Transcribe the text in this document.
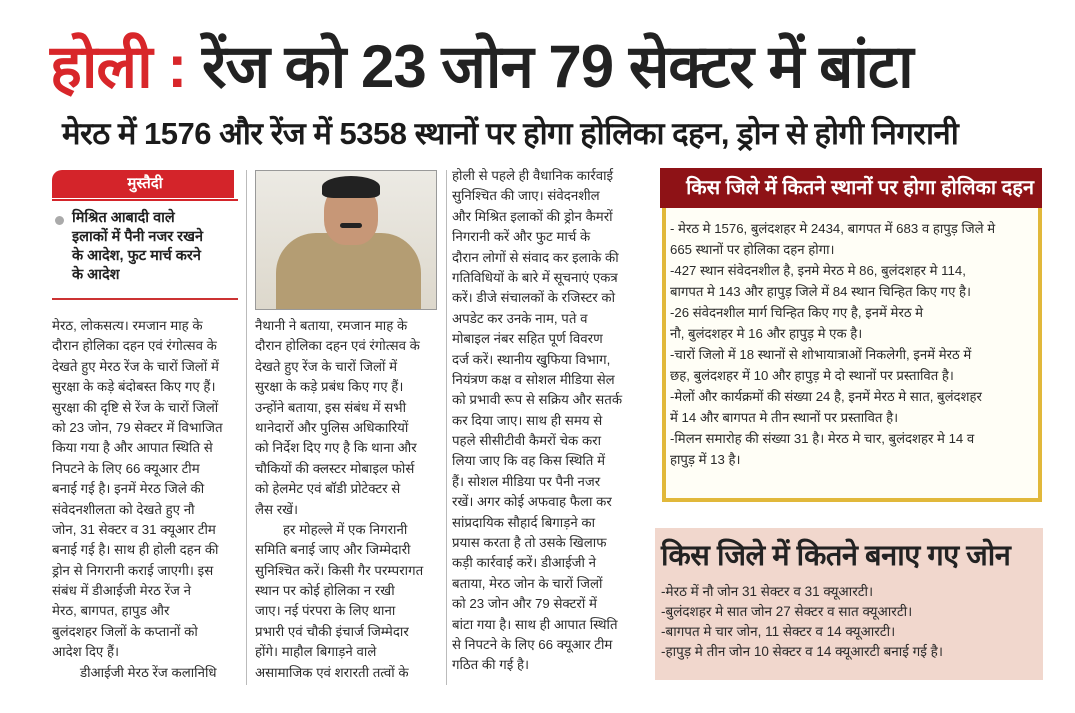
होली : रेंज को 23 जोन 79 सेक्टर में बांटा
मेरठ में 1576 और रेंज में 5358 स्थानों पर होगा होलिका दहन, ड्रोन से होगी निगरानी
मुस्तैदी
मिश्रित आबादी वाले
इलाकों में पैनी नजर रखने
के आदेश, फुट मार्च करने
के आदेश
मेरठ, लोकसत्य। रमजान माह के
दौरान होलिका दहन एवं रंगोत्सव के
देखते हुए मेरठ रेंज के चारों जिलों में
सुरक्षा के कड़े बंदोबस्त किए गए हैं।
सुरक्षा की दृष्टि से रेंज के चारों जिलों
को 23 जोन, 79 सेक्टर में विभाजित
किया गया है और आपात स्थिति से
निपटने के लिए 66 क्यूआर टीम
बनाई गई है। इनमें मेरठ जिले की
संवेदनशीलता को देखते हुए नौ
जोन, 31 सेक्टर व 31 क्यूआर टीम
बनाई गई है। साथ ही होली दहन की
ड्रोन से निगरानी कराई जाएगी। इस
संबंध में डीआईजी मेरठ रेंज ने
मेरठ, बागपत, हापुड और
बुलंदशहर जिलों के कप्तानों को
आदेश दिए हैं।
डीआईजी मेरठ रेंज कलानिधि
नैथानी ने बताया, रमजान माह के
दौरान होलिका दहन एवं रंगोत्सव के
देखते हुए रेंज के चारों जिलों में
सुरक्षा के कड़े प्रबंध किए गए हैं।
उन्होंने बताया, इस संबंध में सभी
थानेदारों और पुलिस अधिकारियों
को निर्देश दिए गए है कि थाना और
चौकियों की क्लस्टर मोबाइल फोर्स
को हेलमेट एवं बॉडी प्रोटेक्टर से
लैस रखें।
हर मोहल्ले में एक निगरानी
समिति बनाई जाए और जिम्मेदारी
सुनिश्चित करें। किसी गैर परम्परागत
स्थान पर कोई होलिका न रखी
जाए। नई पंरपरा के लिए थाना
प्रभारी एवं चौकी इंचार्ज जिम्मेदार
होंगे। माहौल बिगाड़ने वाले
असामाजिक एवं शरारती तत्वों के
होली से पहले ही वैधानिक कार्रवाई
सुनिश्चित की जाए। संवेदनशील
और मिश्रित इलाकों की ड्रोन कैमरों
निगरानी करें और फुट मार्च के
दौरान लोगों से संवाद कर इलाके की
गतिविधियों के बारे में सूचनाएं एकत्र
करें। डीजे संचालकों के रजिस्टर को
अपडेट कर उनके नाम, पते व
मोबाइल नंबर सहित पूर्ण विवरण
दर्ज करें। स्थानीय खुफिया विभाग,
नियंत्रण कक्ष व सोशल मीडिया सेल
को प्रभावी रूप से सक्रिय और सतर्क
कर दिया जाए। साथ ही समय से
पहले सीसीटीवी कैमरों चेक करा
लिया जाए कि वह किस स्थिति में
हैं। सोशल मीडिया पर पैनी नजर
रखें। अगर कोई अफवाह फैला कर
सांप्रदायिक सौहार्द बिगाड़ने का
प्रयास करता है तो उसके खिलाफ
कड़ी कार्रवाई करें। डीआईजी ने
बताया, मेरठ जोन के चारों जिलों
को 23 जोन और 79 सेक्टरों में
बांटा गया है। साथ ही आपात स्थिति
से निपटने के लिए 66 क्यूआर टीम
गठित की गई है।
किस जिले में कितने स्थानों पर होगा होलिका दहन
- मेरठ मे 1576, बुलंदशहर मे 2434, बागपत में 683 व हापुड़ जिले मे
665 स्थानों पर होलिका दहन होगा।
-427 स्थान संवेदनशील है, इनमे मेरठ मे 86, बुलंदशहर मे 114,
बागपत मे 143 और हापुड़ जिले में 84 स्थान चिन्हित किए गए है।
-26 संवेदनशील मार्ग चिन्हित किए गए है, इनमें मेरठ मे
नौ, बुलंदशहर मे 16 और हापुड़ मे एक है।
-चारों जिलो में 18 स्थानों से शोभायात्राओं निकलेगी, इनमें मेरठ में
छह, बुलंदशहर में 10 और हापुड़ मे दो स्थानों पर प्रस्तावित है।
-मेलों और कार्यक्रमों की संख्या 24 है, इनमें मेरठ मे सात, बुलंदशहर
में 14 और बागपत मे तीन स्थानों पर प्रस्तावित है।
-मिलन समारोह की संख्या 31 है। मेरठ मे चार, बुलंदशहर मे 14 व
हापुड़ में 13 है।
किस जिले में कितने बनाए गए जोन
-मेरठ में नौ जोन 31 सेक्टर व 31 क्यूआरटी।
-बुलंदशहर मे सात जोन 27 सेक्टर व सात क्यूआरटी।
-बागपत मे चार जोन, 11 सेक्टर व 14 क्यूआरटी।
-हापुड़ मे तीन जोन 10 सेक्टर व 14 क्यूआरटी बनाई गई है।
